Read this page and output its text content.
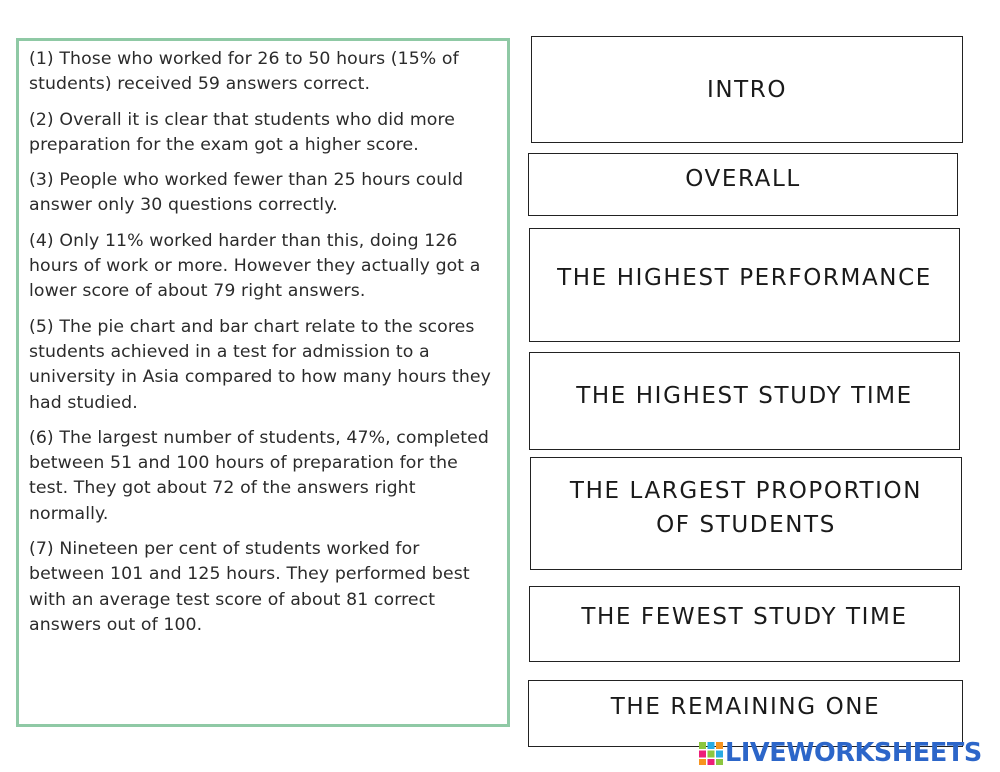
(1) Those who worked for 26 to 50 hours (15% of students) received 59 answers correct.

(2) Overall it is clear that students who did more preparation for the exam got a higher score.

(3) People who worked fewer than 25 hours could answer only 30 questions correctly.

(4) Only 11% worked harder than this, doing 126 hours of work or more. However they actually got a lower score of about 79 right answers.

(5) The pie chart and bar chart relate to the scores students achieved in a test for admission to a university in Asia compared to how many hours they had studied.

(6) The largest number of students, 47%, completed between 51 and 100 hours of preparation for the test. They got about 72 of the answers right normally.

(7) Nineteen per cent of students worked for between 101 and 125 hours. They performed best with an average test score of about 81 correct answers out of 100.

INTRO
OVERALL
THE HIGHEST PERFORMANCE
THE HIGHEST STUDY TIME
THE LARGEST PROPORTION
OF STUDENTS
THE FEWEST STUDY TIME
THE REMAINING ONE
LIVEWORKSHEETS
